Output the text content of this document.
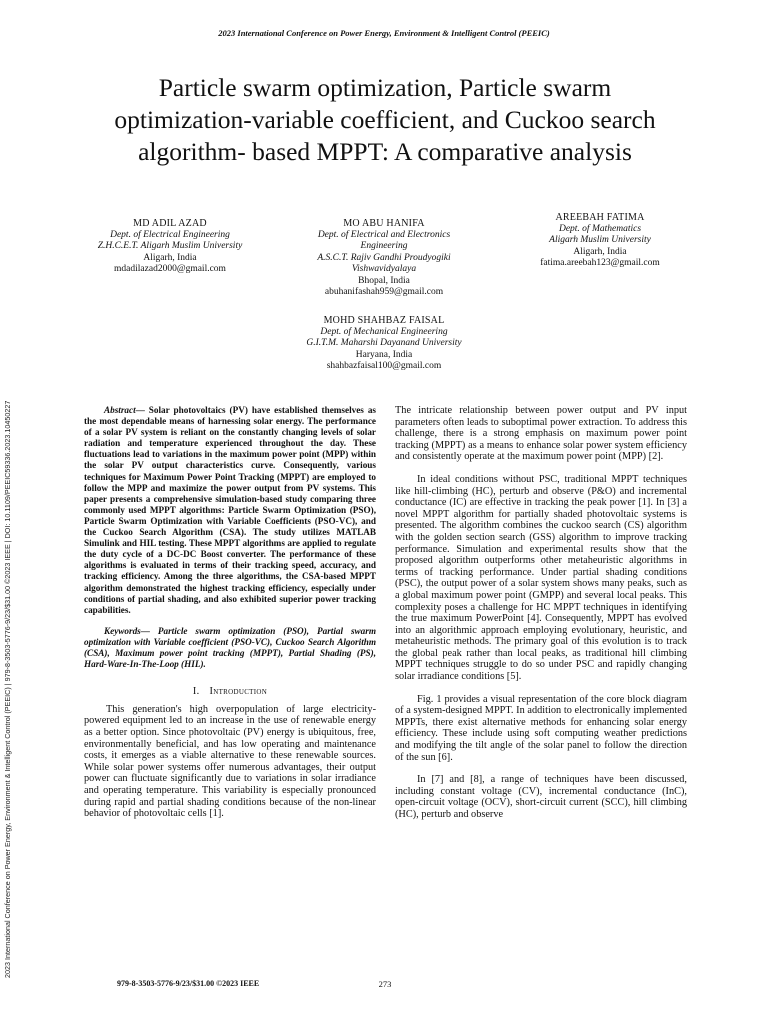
2023 International Conference on Power Energy, Environment & Intelligent Control (PEEIC)
2023 International Conference on Power Energy, Environment & Intelligent Control (PEEIC) | 979-8-3503-5776-9/23/$31.00 ©2023 IEEE | DOI: 10.1109/PEEIC59336.2023.10450227
Particle swarm optimization, Particle swarm optimization-variable coefficient, and Cuckoo search algorithm- based MPPT: A comparative analysis
MD ADIL AZAD
Dept. of Electrical Engineering
Z.H.C.E.T. Aligarh Muslim University
Aligarh, India
mdadilazad2000@gmail.com
MO ABU HANIFA
Dept. of Electrical and Electronics Engineering
A.S.C.T. Rajiv Gandhi Proudyogiki Vishwavidyalaya
Bhopal, India
abuhanifashah959@gmail.com
AREEBAH FATIMA
Dept. of Mathematics
Aligarh Muslim University
Aligarh, India
fatima.areebah123@gmail.com
MOHD SHAHBAZ FAISAL
Dept. of Mechanical Engineering
G.I.T.M. Maharshi Dayanand University
Haryana, India
shahbazfaisal100@gmail.com

Abstract— Solar photovoltaics (PV) have established themselves as the most dependable means of harnessing solar energy. The performance of a solar PV system is reliant on the constantly changing levels of solar radiation and temperature experienced throughout the day. These fluctuations lead to variations in the maximum power point (MPP) within the solar PV output characteristics curve. Consequently, various techniques for Maximum Power Point Tracking (MPPT) are employed to follow the MPP and maximize the power output from PV systems. This paper presents a comprehensive simulation-based study comparing three commonly used MPPT algorithms: Particle Swarm Optimization (PSO), Particle Swarm Optimization with Variable Coefficients (PSO-VC), and the Cuckoo Search Algorithm (CSA). The study utilizes MATLAB Simulink and HIL testing. These MPPT algorithms are applied to regulate the duty cycle of a DC-DC Boost converter. The performance of these algorithms is evaluated in terms of their tracking speed, accuracy, and tracking efficiency. Among the three algorithms, the CSA-based MPPT algorithm demonstrated the highest tracking efficiency, especially under conditions of partial shading, and also exhibited superior power tracking capabilities.

Keywords— Particle swarm optimization (PSO), Partial swarm optimization with Variable coefficient (PSO-VC), Cuckoo Search Algorithm (CSA), Maximum power point tracking (MPPT), Partial Shading (PS), Hard-Ware-In-The-Loop (HIL).

I. Introduction

This generation's high overpopulation of large electricity-powered equipment led to an increase in the use of renewable energy as a better option. Since photovoltaic (PV) energy is ubiquitous, free, environmentally beneficial, and has low operating and maintenance costs, it emerges as a viable alternative to these renewable sources. While solar power systems offer numerous advantages, their output power can fluctuate significantly due to variations in solar irradiance and operating temperature. This variability is especially pronounced during rapid and partial shading conditions because of the non-linear behavior of photovoltaic cells [1].

The intricate relationship between power output and PV input parameters often leads to suboptimal power extraction. To address this challenge, there is a strong emphasis on maximum power point tracking (MPPT) as a means to enhance solar power system efficiency and consistently operate at the maximum power point (MPP) [2].

In ideal conditions without PSC, traditional MPPT techniques like hill-climbing (HC), perturb and observe (P&O) and incremental conductance (IC) are effective in tracking the peak power [1]. In [3] a novel MPPT algorithm for partially shaded photovoltaic systems is presented. The algorithm combines the cuckoo search (CS) algorithm with the golden section search (GSS) algorithm to improve tracking performance. Simulation and experimental results show that the proposed algorithm outperforms other metaheuristic algorithms in terms of tracking performance. Under partial shading conditions (PSC), the output power of a solar system shows many peaks, such as a global maximum power point (GMPP) and several local peaks. This complexity poses a challenge for HC MPPT techniques in identifying the true maximum PowerPoint [4]. Consequently, MPPT has evolved into an algorithmic approach employing evolutionary, heuristic, and metaheuristic methods. The primary goal of this evolution is to track the global peak rather than local peaks, as traditional hill climbing MPPT techniques struggle to do so under PSC and rapidly changing solar irradiance conditions [5].

Fig. 1 provides a visual representation of the core block diagram of a system-designed MPPT. In addition to electronically implemented MPPTs, there exist alternative methods for enhancing solar energy efficiency. These include using soft computing weather predictions and modifying the tilt angle of the solar panel to follow the direction of the sun [6].

In [7] and [8], a range of techniques have been discussed, including constant voltage (CV), incremental conductance (InC), open-circuit voltage (OCV), short-circuit current (SCC), hill climbing (HC), perturb and observe

979-8-3503-5776-9/23/$31.00 ©2023 IEEE	273
